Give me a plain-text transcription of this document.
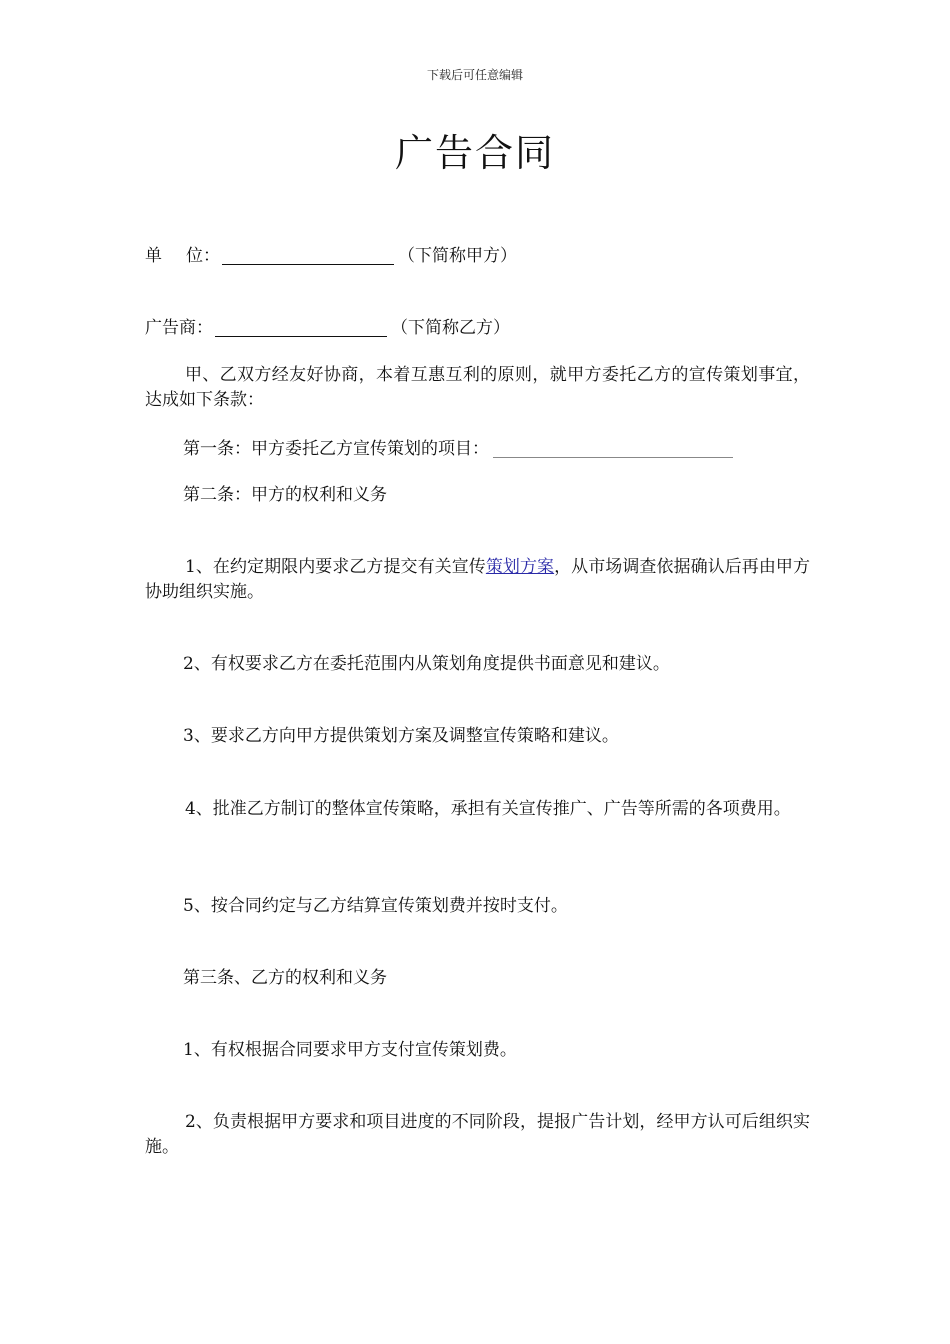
下载后可任意编辑
广告合同
单 位：	（下简称甲方）
广告商：	（下简称乙方）
甲、乙双方经友好协商，本着互惠互利的原则，就甲方委托乙方的宣传策划事宜，达成如下条款：
第一条：甲方委托乙方宣传策划的项目：
第二条：甲方的权利和义务
1、在约定期限内要求乙方提交有关宣传策划方案，从市场调查依据确认后再由甲方协助组织实施。
2、有权要求乙方在委托范围内从策划角度提供书面意见和建议。
3、要求乙方向甲方提供策划方案及调整宣传策略和建议。
4、批准乙方制订的整体宣传策略，承担有关宣传推广、广告等所需的各项费用。
5、按合同约定与乙方结算宣传策划费并按时支付。
第三条、乙方的权利和义务
1、有权根据合同要求甲方支付宣传策划费。
2、负责根据甲方要求和项目进度的不同阶段，提报广告计划，经甲方认可后组织实施。
